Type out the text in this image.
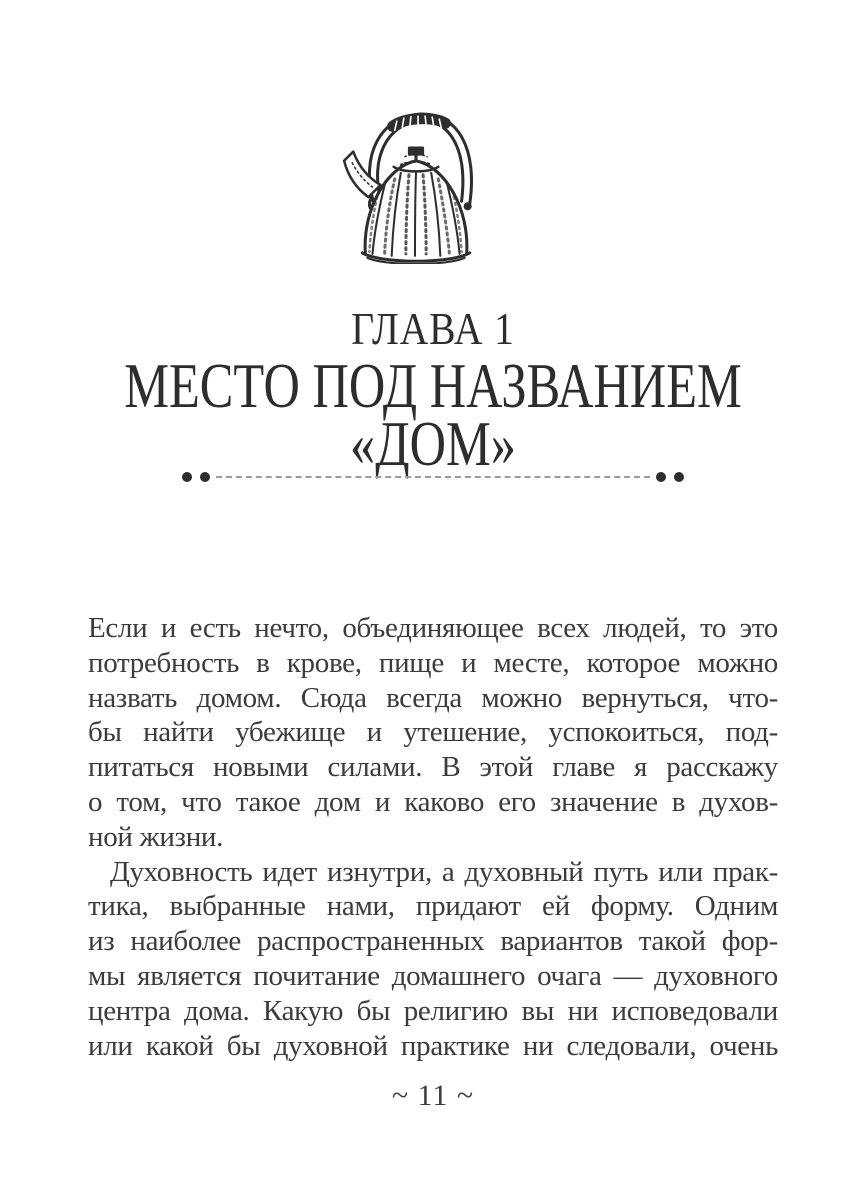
ГЛАВА 1
МЕСТО ПОД НАЗВАНИЕМ
«ДОМ»
Если и есть нечто, объединяющее всех людей, то это
потребность в крове, пище и месте, которое можно
назвать домом. Сюда всегда можно вернуться, что-
бы найти убежище и утешение, успокоиться, под-
питаться новыми силами. В этой главе я расскажу
о том, что такое дом и каково его значение в духов-
ной жизни.
Духовность идет изнутри, а духовный путь или прак-
тика, выбранные нами, придают ей форму. Одним
из наиболее распространенных вариантов такой фор-
мы является почитание домашнего очага — духовного
центра дома. Какую бы религию вы ни исповедовали
или какой бы духовной практике ни следовали, очень
~ 11 ~
